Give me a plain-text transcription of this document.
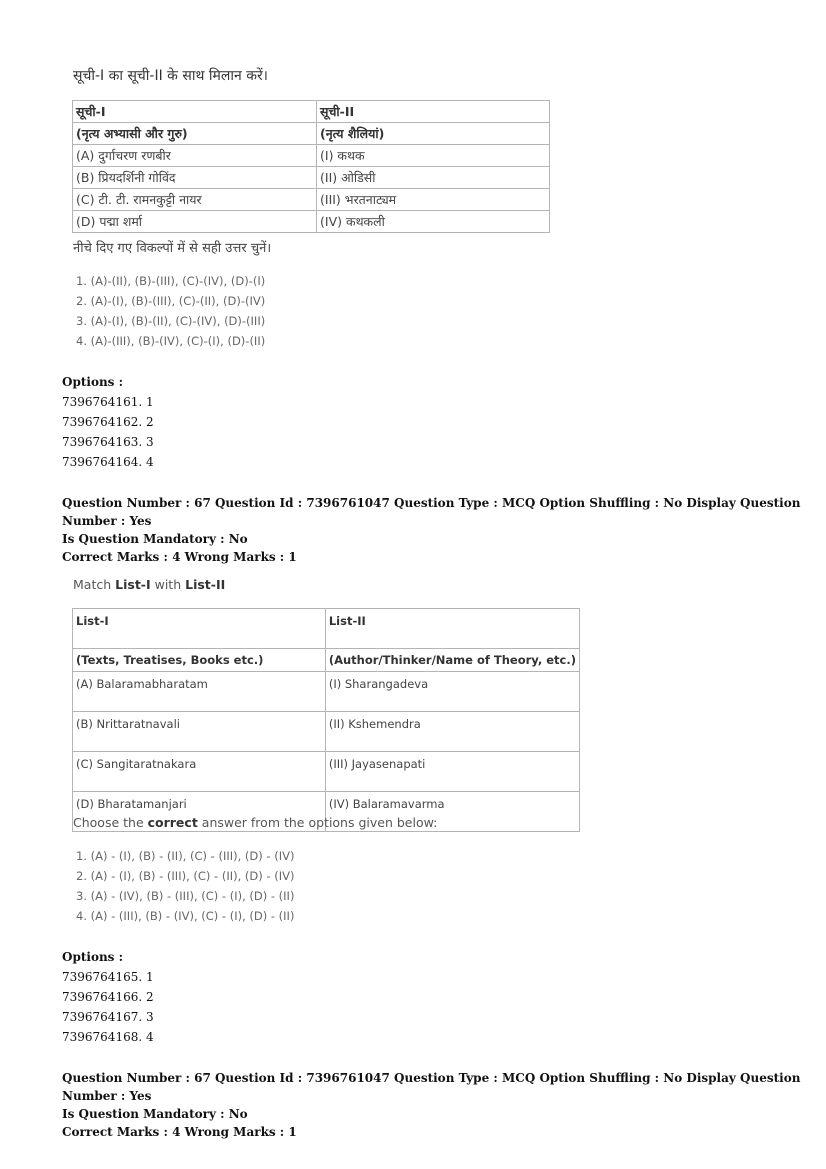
सूची-I का सूची-II के साथ मिलान करें।
सूची-I	सूची-II
(नृत्य अभ्यासी और गुरु)	(नृत्य शैलियां)
(A) दुर्गाचरण रणबीर	(I) कथक
(B) प्रियदर्शिनी गोविंद	(II) ओडिसी
(C) टी. टी. रामनकुट्टी नायर	(III) भरतनाट्यम
(D) पद्मा शर्मा	(IV) कथकली
नीचे दिए गए विकल्पों में से सही उत्तर चुनें।
1. (A)-(II), (B)-(III), (C)-(IV), (D)-(I)
2. (A)-(I), (B)-(III), (C)-(II), (D)-(IV)
3. (A)-(I), (B)-(II), (C)-(IV), (D)-(III)
4. (A)-(III), (B)-(IV), (C)-(I), (D)-(II)
Options :
7396764161. 1
7396764162. 2
7396764163. 3
7396764164. 4
Question Number : 67 Question Id : 7396761047 Question Type : MCQ Option Shuffling : No Display Question Number : Yes
Is Question Mandatory : No
Correct Marks : 4 Wrong Marks : 1
Match List-I with List-II
List-I	List-II
(Texts, Treatises, Books etc.)	(Author/Thinker/Name of Theory, etc.)
(A) Balaramabharatam	(I) Sharangadeva
(B) Nrittaratnavali	(II) Kshemendra
(C) Sangitaratnakara	(III) Jayasenapati
(D) Bharatamanjari	(IV) Balaramavarma
Choose the correct answer from the options given below:
1. (A) - (I), (B) - (II), (C) - (III), (D) - (IV)
2. (A) - (I), (B) - (III), (C) - (II), (D) - (IV)
3. (A) - (IV), (B) - (III), (C) - (I), (D) - (II)
4. (A) - (III), (B) - (IV), (C) - (I), (D) - (II)
Options :
7396764165. 1
7396764166. 2
7396764167. 3
7396764168. 4
Question Number : 67 Question Id : 7396761047 Question Type : MCQ Option Shuffling : No Display Question Number : Yes
Is Question Mandatory : No
Correct Marks : 4 Wrong Marks : 1
